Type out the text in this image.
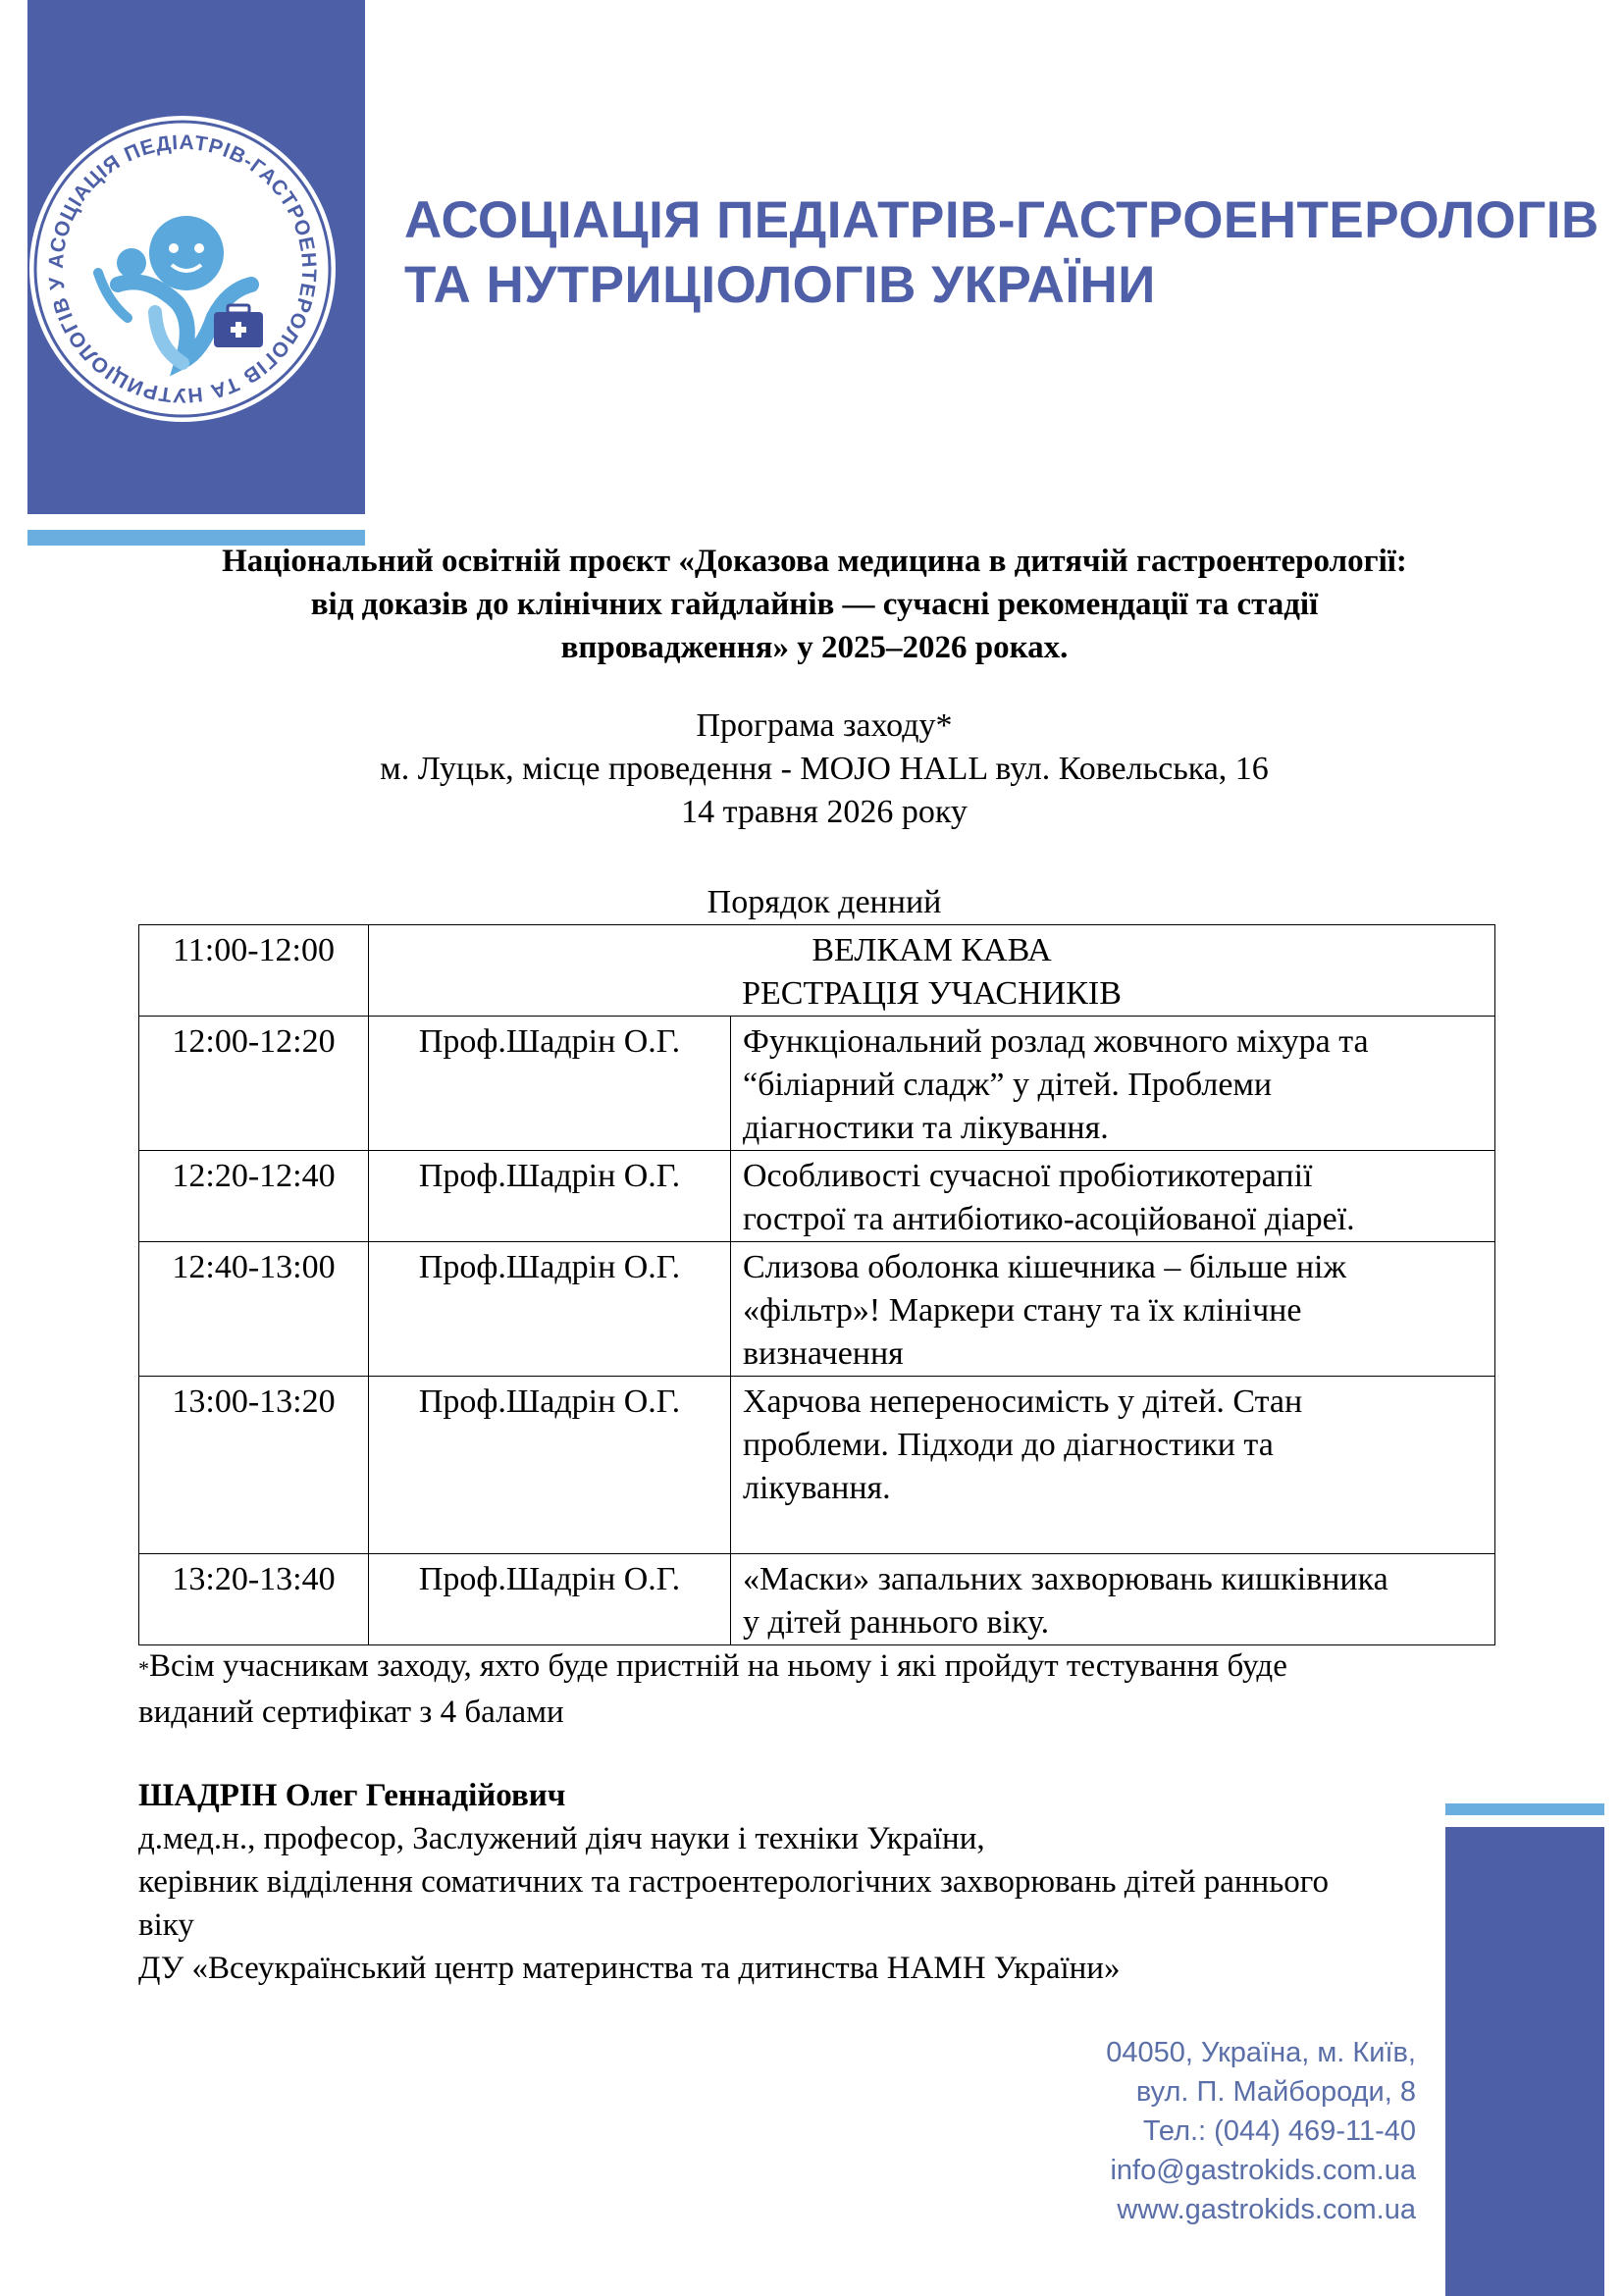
АСОЦІАЦІЯ ПЕДІАТРІВ-ГАСТРОЕНТЕРОЛОГІВ ТА НУТРИЦІОЛОГІВ У
АСОЦІАЦІЯ ПЕДІАТРІВ-ГАСТРОЕНТЕРОЛОГІВ
ТА НУТРИЦІОЛОГІВ УКРАЇНИ
Національний освітній проєкт «Доказова медицина в дитячій гастроентерології:
від доказів до клінічних гайдлайнів — сучасні рекомендації та стадії
впровадження» у 2025–2026 роках.
Програма заходу*
м. Луцьк, місце проведення - MOJO HALL вул. Ковельська, 16
14 травня 2026 року
Порядок денний
11:00-12:00	ВЕЛКАМ КАВА
РЕСТРАЦІЯ УЧАСНИКІВ	

12:00-12:20	Проф.Шадрін О.Г.	Функціональний розлад жовчного міхура та
“біліарний сладж” у дітей. Проблеми
діагностики та лікування.

12:20-12:40	Проф.Шадрін О.Г.	Особливості сучасної пробіотикотерапії
гострої та антибіотико-асоційованої діареї.

12:40-13:00	Проф.Шадрін О.Г.	Слизова оболонка кішечника – більше ніж
«фільтр»! Маркери стану та їх клінічне
визначення

13:00-13:20	Проф.Шадрін О.Г.	Харчова непереносимість у дітей. Стан
проблеми. Підходи до діагностики та
лікування.

13:20-13:40	Проф.Шадрін О.Г.	«Маски» запальних захворювань кишківника
у дітей раннього віку.
*Всім учасникам заходу, яхто буде пристній на ньому і які пройдут тестування буде
виданий сертифікат з 4 балами
ШАДРІН Олег Геннадійович
д.мед.н., професор, Заслужений діяч науки і техніки України,
керівник відділення соматичних та гастроентерологічних захворювань дітей раннього
віку
ДУ «Всеукраїнський центр материнства та дитинства НАМН України»
04050, Україна, м. Київ,
вул. П. Майбороди, 8
Тел.: (044) 469-11-40
info@gastrokids.com.ua
www.gastrokids.com.ua
